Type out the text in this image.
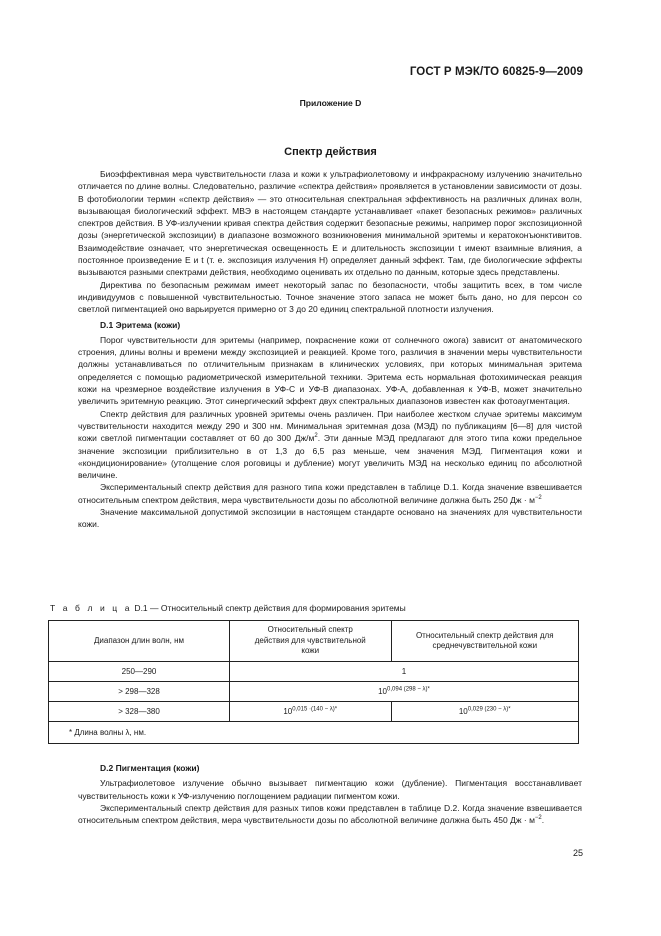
ГОСТ Р МЭК/ТО 60825-9—2009
Приложение D
Спектр действия

Биоэффективная мера чувствительности глаза и кожи к ультрафиолетовому и инфракрасному излучению значительно отличается по длине волны. Следовательно, различие «спектра действия» проявляется в установлении зависимости от дозы. В фотобиологии термин «спектр действия» — это относительная спектральная эффективность на различных длинах волн, вызывающая биологический эффект. МВЭ в настоящем стандарте устанавливает «пакет безопасных режимов» различных спектров действия. В УФ-излучении кривая спектра действия содержит безопасные режимы, например порог экспозиционной дозы (энергетической экспозиции) в диапазоне возможного возникновения минимальной эритемы и кератоконъюнктивитов. Взаимодействие означает, что энергетическая освещенность E и длительность экспозиции t имеют взаимные влияния, а постоянное произведение E и t (т. е. экспозиция излучения H) определяет данный эффект. Там, где биологические эффекты вызываются разными спектрами действия, необходимо оценивать их отдельно по данным, которые здесь представлены.

Директива по безопасным режимам имеет некоторый запас по безопасности, чтобы защитить всех, в том числе индивидуумов с повышенной чувствительностью. Точное значение этого запаса не может быть дано, но для персон со светлой пигментацией оно варьируется примерно от 3 до 20 единиц спектральной плотности излучения.

D.1 Эритема (кожи)

Порог чувствительности для эритемы (например, покраснение кожи от солнечного ожога) зависит от анатомического строения, длины волны и времени между экспозицией и реакцией. Кроме того, различия в значении меры чувствительности должны устанавливаться по отличительным признакам в клинических условиях, при которых минимальная эритема определяется с помощью радиометрической измерительной техники. Эритема есть нормальная фотохимическая реакция кожи на чрезмерное воздействие излучения в УФ-С и УФ-В диапазонах. УФ-А, добавленная к УФ-В, может значительно увеличить эритемную реакцию. Этот синергический эффект двух спектральных диапазонов известен как фотоаугментация.

Спектр действия для различных уровней эритемы очень различен. При наиболее жестком случае эритемы максимум чувствительности находится между 290 и 300 нм. Минимальная эритемная доза (МЭД) по публикациям [6—8] для чистой кожи светлой пигментации составляет от 60 до 300 $Дж/м^2$. Эти данные МЭД предлагают для этого типа кожи предельное значение экспозиции приблизительно в от 1,3 до 6,5 раз меньше, чем значения МЭД. Пигментация кожи и «кондиционирование» (утолщение слоя роговицы и дубление) могут увеличить МЭД на несколько единиц по абсолютной величине.

Экспериментальный спектр действия для разного типа кожи представлен в таблице D.1. Когда значение взвешивается относительным спектром действия, мера чувствительности дозы по абсолютной величине должна быть 250 Дж · $м^{-2}$

Значение максимальной допустимой экспозиции в настоящем стандарте основано на значениях для чувствительности кожи.

Т а б л и ц а D.1 — Относительный спектр действия для формирования эритемы
Диапазон длин волн, нм	Относительный спектр действия для чувствительной кожи	Относительный спектр действия для среднечувствительной кожи
250—290	1	
> 298—328	$10^{0,094 (298 - \lambda)*}$
> 328—380	$10^{0,015 \cdot(140 - \lambda)*}$	$10^{0,029 (230 - \lambda)*}$
* Длина волны λ, нм.		

D.2 Пигментация (кожи)

Ультрафиолетовое излучение обычно вызывает пигментацию кожи (дубление). Пигментация восстанавливает чувствительность кожи к УФ-излучению поглощением радиации пигментом кожи.

Экспериментальный спектр действия для разных типов кожи представлен в таблице D.2. Когда значение взвешивается относительным спектром действия, мера чувствительности дозы по абсолютной величине должна быть 450 Дж · $м^{-2}$.

25
